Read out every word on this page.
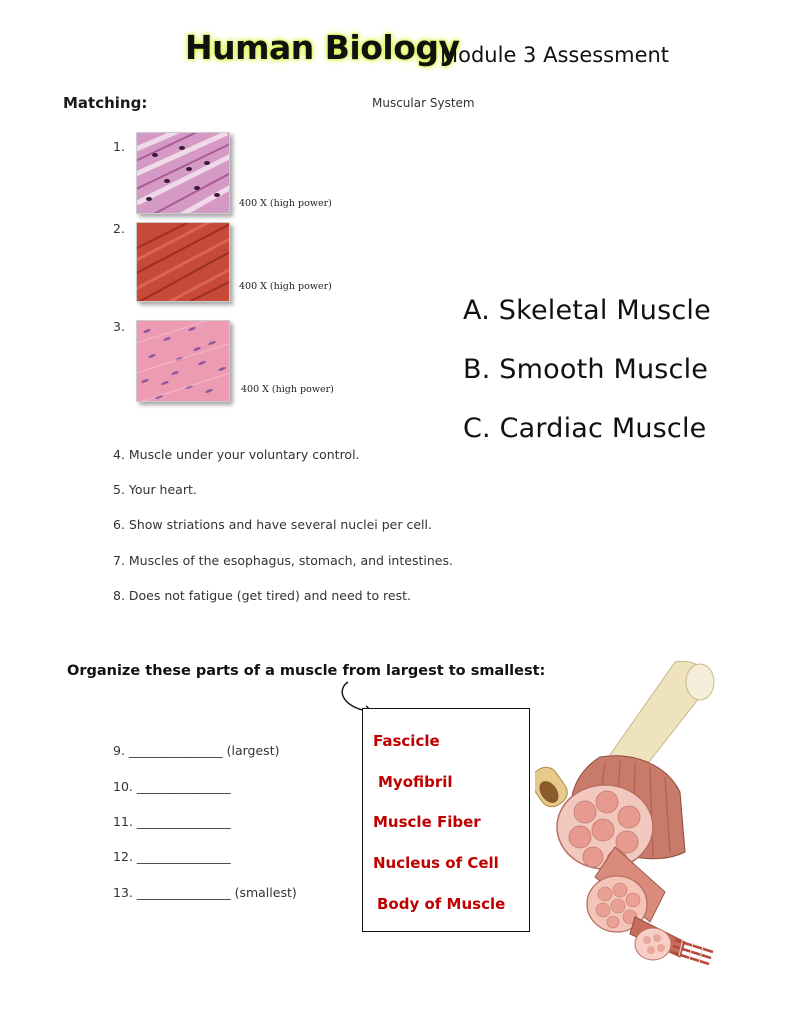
Human Biology
Module 3 Assessment
Matching:	Muscular System
1.
400 X (high power)
2.
400 X (high power)
3.
400 X (high power)
A. Skeletal Muscle
B. Smooth Muscle
C. Cardiac Muscle
4. Muscle under your voluntary control.
5. Your heart.
6. Show striations and have several nuclei per cell.
7. Muscles of the esophagus, stomach, and intestines.
8. Does not fatigue (get tired) and need to rest.
Organize these parts of a muscle from largest to smallest:
9. _______________ (largest)
10. _______________
11. _______________
12. _______________
13. _______________ (smallest)
Fascicle
Myofibril
Muscle Fiber
Nucleus of Cell
Body of Muscle
